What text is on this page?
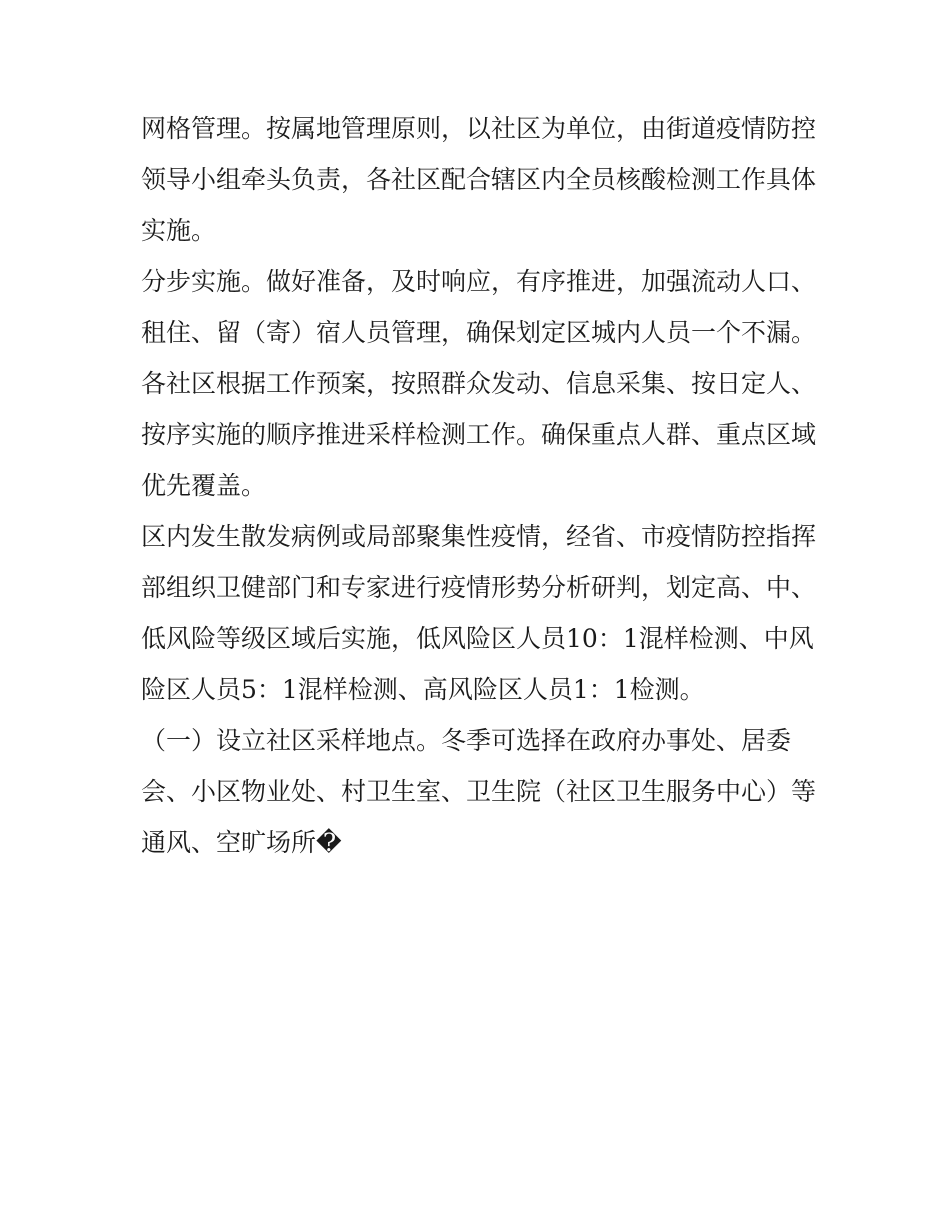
网格管理。按属地管理原则，以社区为单位，由街道疫情防控
领导小组牵头负责，各社区配合辖区内全员核酸检测工作具体
实施。
分步实施。做好准备，及时响应，有序推进，加强流动人口、
租住、留（寄）宿人员管理，确保划定区城内人员一个不漏。
各社区根据工作预案，按照群众发动、信息采集、按日定人、
按序实施的顺序推进采样检测工作。确保重点人群、重点区域
优先覆盖。
区内发生散发病例或局部聚集性疫情，经省、市疫情防控指挥
部组织卫健部门和专家进行疫情形势分析研判，划定高、中、
低风险等级区域后实施，低风险区人员10：1混样检测、中风
险区人员5：1混样检测、高风险区人员1：1检测。
（一）设立社区采样地点。冬季可选择在政府办事处、居委
会、小区物业处、村卫生室、卫生院（社区卫生服务中心）等
通风、空旷场所�
